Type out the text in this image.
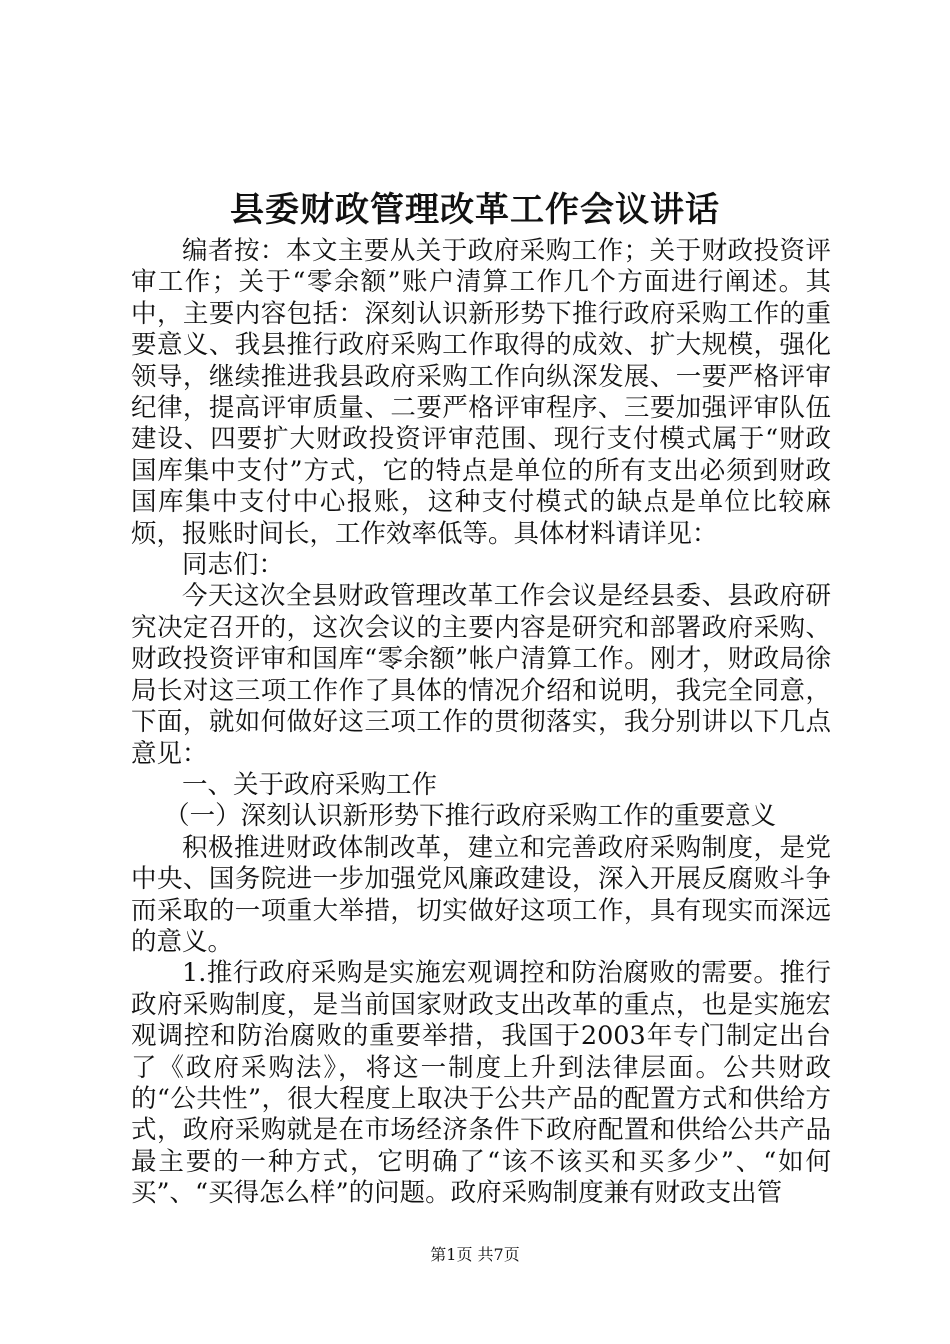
县委财政管理改革工作会议讲话

编者按：本文主要从关于政府采购工作；关于财政投资评审工作；关于“零余额”账户清算工作几个方面进行阐述。其中，主要内容包括：深刻认识新形势下推行政府采购工作的重要意义、我县推行政府采购工作取得的成效、扩大规模，强化领导，继续推进我县政府采购工作向纵深发展、一要严格评审纪律，提高评审质量、二要严格评审程序、三要加强评审队伍建设、四要扩大财政投资评审范围、现行支付模式属于“财政国库集中支付”方式，它的特点是单位的所有支出必须到财政国库集中支付中心报账，这种支付模式的缺点是单位比较麻烦，报账时间长，工作效率低等。具体材料请详见：

同志们：

今天这次全县财政管理改革工作会议是经县委、县政府研究决定召开的，这次会议的主要内容是研究和部署政府采购、财政投资评审和国库“零余额”帐户清算工作。刚才，财政局徐局长对这三项工作作了具体的情况介绍和说明，我完全同意，下面，就如何做好这三项工作的贯彻落实，我分别讲以下几点意见：

一、关于政府采购工作

（一）深刻认识新形势下推行政府采购工作的重要意义

积极推进财政体制改革，建立和完善政府采购制度，是党中央、国务院进一步加强党风廉政建设，深入开展反腐败斗争而采取的一项重大举措，切实做好这项工作，具有现实而深远的意义。

1.推行政府采购是实施宏观调控和防治腐败的需要。推行政府采购制度，是当前国家财政支出改革的重点，也是实施宏观调控和防治腐败的重要举措，我国于2003年专门制定出台了《政府采购法》，将这一制度上升到法律层面。公共财政的“公共性”，很大程度上取决于公共产品的配置方式和供给方式，政府采购就是在市场经济条件下政府配置和供给公共产品最主要的一种方式，它明确了“该不该买和买多少”、“如何买”、“买得怎么样”的问题。政府采购制度兼有财政支出管

第1页 共7页
